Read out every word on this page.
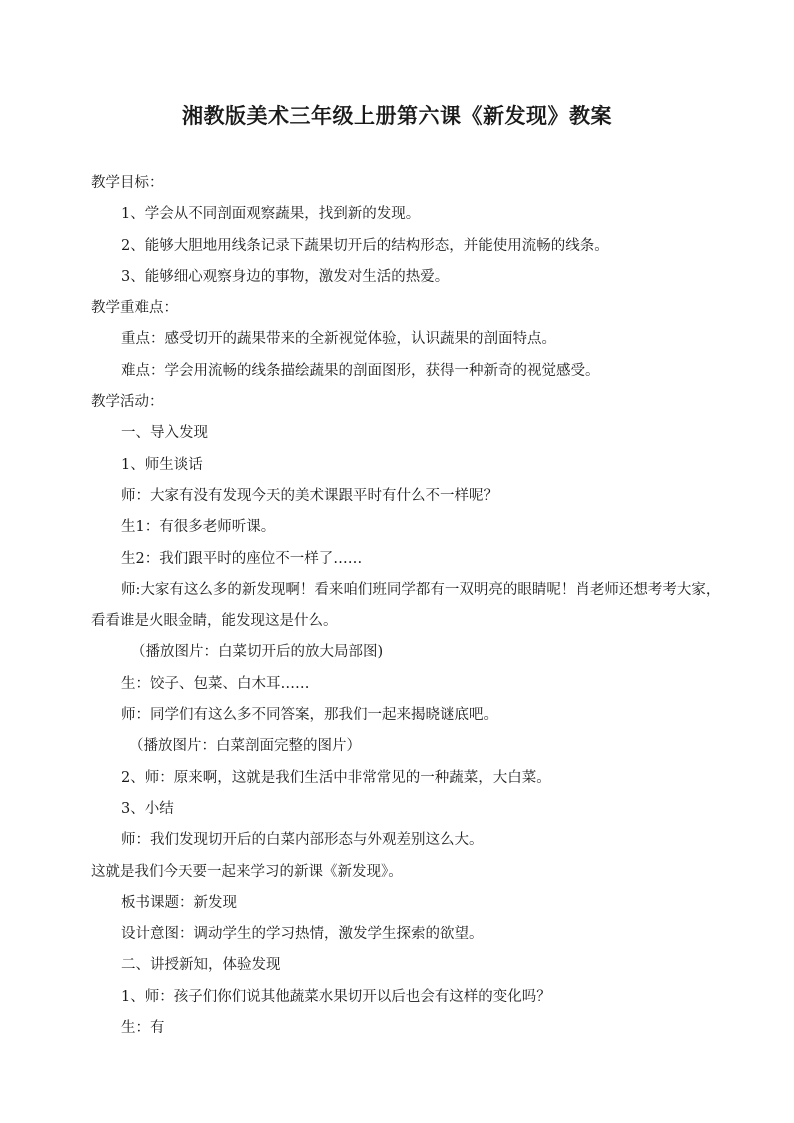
湘教版美术三年级上册第六课《新发现》教案

教学目标：

1、学会从不同剖面观察蔬果，找到新的发现。

2、能够大胆地用线条记录下蔬果切开后的结构形态，并能使用流畅的线条。

3、能够细心观察身边的事物，激发对生活的热爱。

教学重难点：

重点：感受切开的蔬果带来的全新视觉体验，认识蔬果的剖面特点。

难点：学会用流畅的线条描绘蔬果的剖面图形，获得一种新奇的视觉感受。

教学活动：

一、导入发现

1、师生谈话

师：大家有没有发现今天的美术课跟平时有什么不一样呢？

生1：有很多老师听课。

生2：我们跟平时的座位不一样了……

师:大家有这么多的新发现啊！看来咱们班同学都有一双明亮的眼睛呢！肖老师还想考考大家，看看谁是火眼金睛，能发现这是什么。

（播放图片：白菜切开后的放大局部图)

生：饺子、包菜、白木耳……

师：同学们有这么多不同答案，那我们一起来揭晓谜底吧。

（播放图片：白菜剖面完整的图片）

2、师：原来啊，这就是我们生活中非常常见的一种蔬菜，大白菜。

3、小结

师：我们发现切开后的白菜内部形态与外观差别这么大。

这就是我们今天要一起来学习的新课《新发现》。

板书课题：新发现

设计意图：调动学生的学习热情，激发学生探索的欲望。

二、讲授新知，体验发现

1、师：孩子们你们说其他蔬菜水果切开以后也会有这样的变化吗？

生：有
